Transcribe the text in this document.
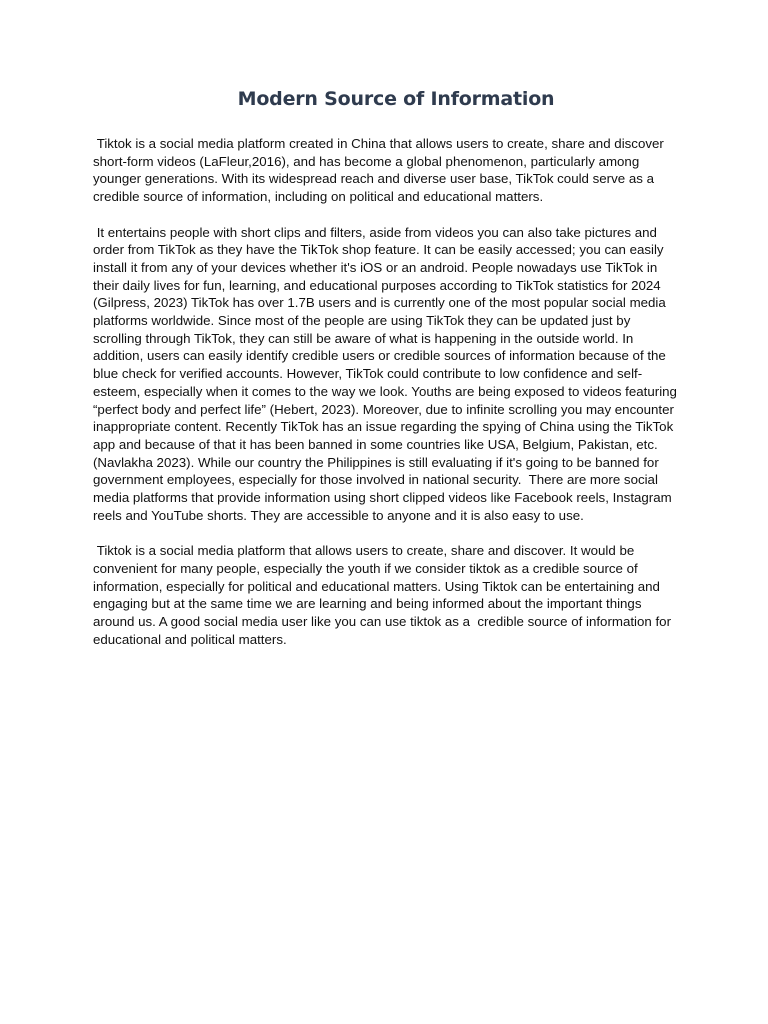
Modern Source of Information

Tiktok is a social media platform created in China that allows users to create, share and discover short-form videos (LaFleur,2016), and has become a global phenomenon, particularly among younger generations. With its widespread reach and diverse user base, TikTok could serve as a credible source of information, including on political and educational matters.

It entertains people with short clips and filters, aside from videos you can also take pictures and order from TikTok as they have the TikTok shop feature. It can be easily accessed; you can easily install it from any of your devices whether it's iOS or an android. People nowadays use TikTok in their daily lives for fun, learning, and educational purposes according to TikTok statistics for 2024 (Gilpress, 2023) TikTok has over 1.7B users and is currently one of the most popular social media platforms worldwide. Since most of the people are using TikTok they can be updated just by scrolling through TikTok, they can still be aware of what is happening in the outside world. In addition, users can easily identify credible users or credible sources of information because of the blue check for verified accounts. However, TikTok could contribute to low confidence and self-esteem, especially when it comes to the way we look. Youths are being exposed to videos featuring “perfect body and perfect life” (Hebert, 2023). Moreover, due to infinite scrolling you may encounter inappropriate content. Recently TikTok has an issue regarding the spying of China using the TikTok app and because of that it has been banned in some countries like USA, Belgium, Pakistan, etc. (Navlakha 2023). While our country the Philippines is still evaluating if it's going to be banned for government employees, especially for those involved in national security.  There are more social media platforms that provide information using short clipped videos like Facebook reels, Instagram reels and YouTube shorts. They are accessible to anyone and it is also easy to use.

Tiktok is a social media platform that allows users to create, share and discover. It would be convenient for many people, especially the youth if we consider tiktok as a credible source of information, especially for political and educational matters. Using Tiktok can be entertaining and engaging but at the same time we are learning and being informed about the important things around us. A good social media user like you can use tiktok as a  credible source of information for educational and political matters.
